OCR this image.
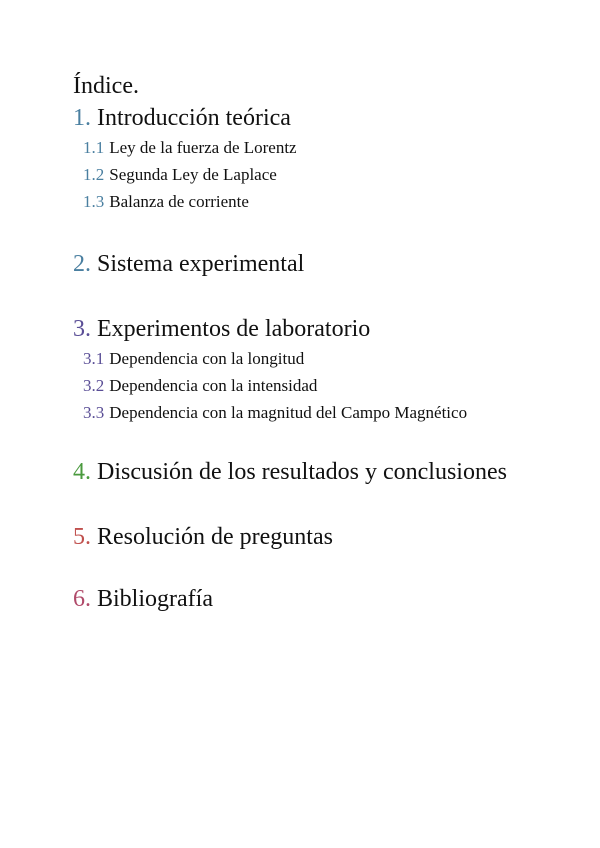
Índice.

1. Introducción teórica

1.1 Ley de la fuerza de Lorentz

1.2 Segunda Ley de Laplace

1.3 Balanza de corriente

2. Sistema experimental

3. Experimentos de laboratorio

3.1 Dependencia con la longitud

3.2 Dependencia con la intensidad

3.3 Dependencia con la magnitud del Campo Magnético

4. Discusión de los resultados y conclusiones

5. Resolución de preguntas

6. Bibliografía
